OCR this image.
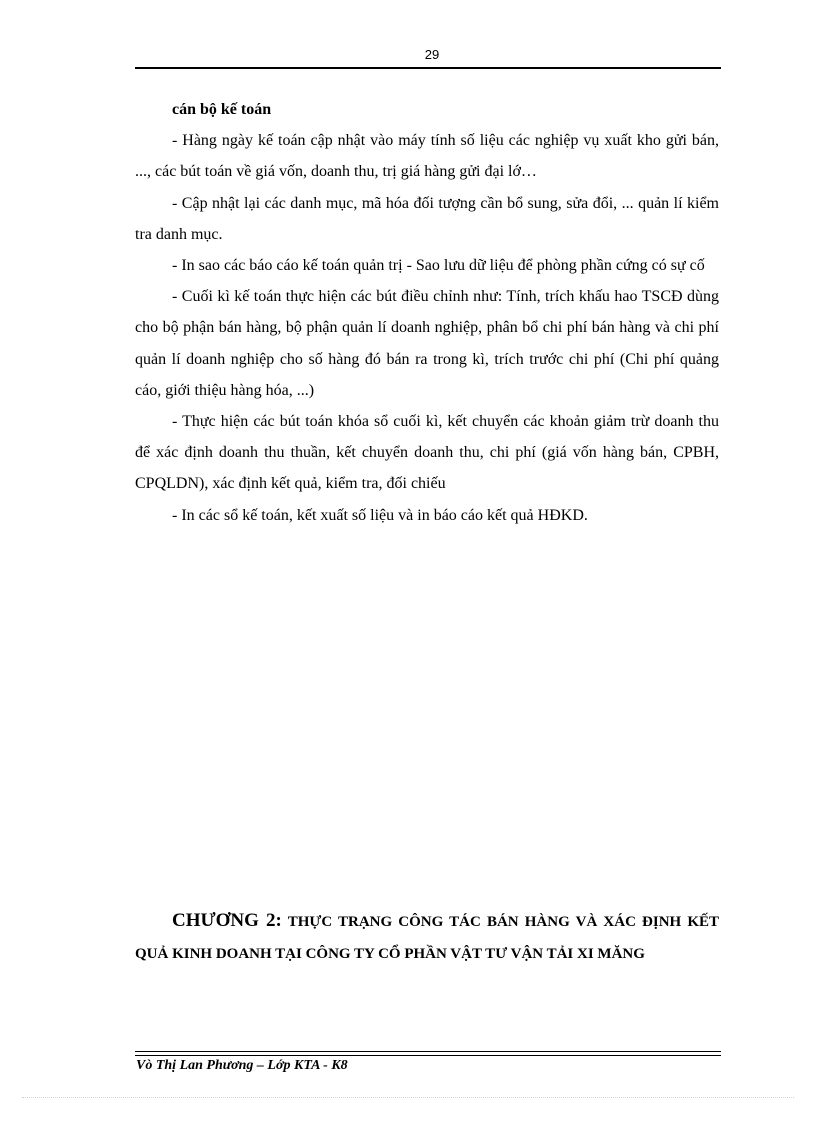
29

cán bộ kế toán

- Hàng ngày kế toán cập nhật vào máy tính số liệu các nghiệp vụ xuất kho gửi bán, ..., các bút toán về giá vốn, doanh thu, trị giá hàng gửi đại lớ…

- Cập nhật lại các danh mục, mã hóa đối tượng cần bổ sung, sửa đổi, ... quản lí kiểm tra danh mục.

- In sao các báo cáo kế toán quản trị - Sao lưu dữ liệu để phòng phần cứng có sự cố

- Cuối kì kế toán thực hiện các bút điều chỉnh như: Tính, trích khấu hao TSCĐ dùng cho bộ phận bán hàng, bộ phận quản lí doanh nghiệp, phân bổ chi phí bán hàng và chi phí quản lí doanh nghiệp cho số hàng đó bán ra trong kì, trích trước chi phí (Chi phí quảng cáo, giới thiệu hàng hóa, ...)

- Thực hiện các bút toán khóa sổ cuối kì, kết chuyển các khoản giảm trừ doanh thu để xác định doanh thu thuần, kết chuyển doanh thu, chi phí (giá vốn hàng bán, CPBH, CPQLDN), xác định kết quả, kiểm tra, đối chiếu

- In các sổ kế toán, kết xuất số liệu và in báo cáo kết quả HĐKD.

CHƯƠNG 2: THỰC TRẠNG CÔNG TÁC BÁN HÀNG VÀ XÁC ĐỊNH KẾT QUẢ KINH DOANH TẠI CÔNG TY CỔ PHẦN VẬT TƯ VẬN TẢI XI MĂNG
Vò Thị Lan Phương – Lớp KTA - K8
